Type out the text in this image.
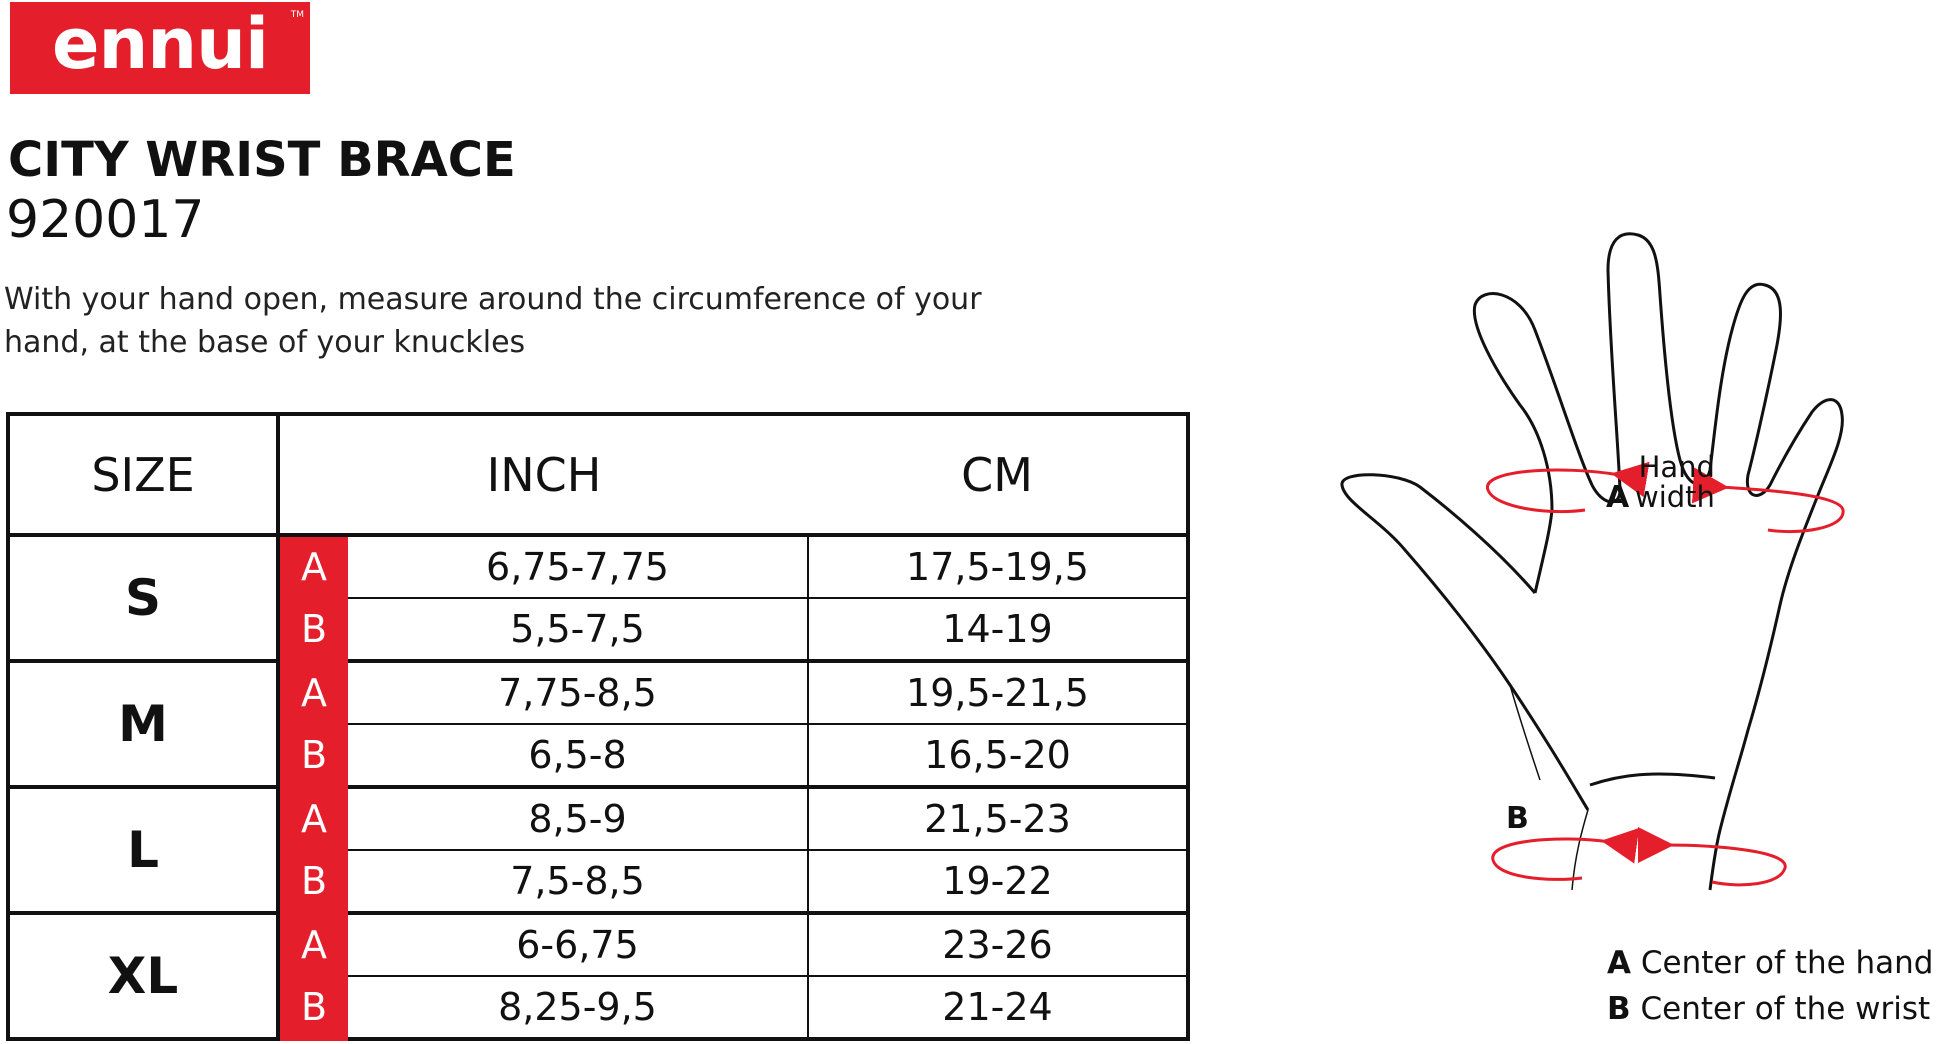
ennui	TM
CITY WRIST BRACE
920017
With your hand open, measure around the circumference of your hand, at the base of your knuckles
SIZE	INCH		CM
S	A	6,75-7,75	17,5-19,5
	B	5,5-7,5	14-19
M	A	7,75-8,5	19,5-21,5
	B	6,5-8	16,5-20
L	A	8,5-9	21,5-23
	B	7,5-8,5	19-22
XL	A	6-6,75	23-26
	B	8,25-9,5	21-24
Hand
width
A
B
A Center of the hand
B Center of the wrist
